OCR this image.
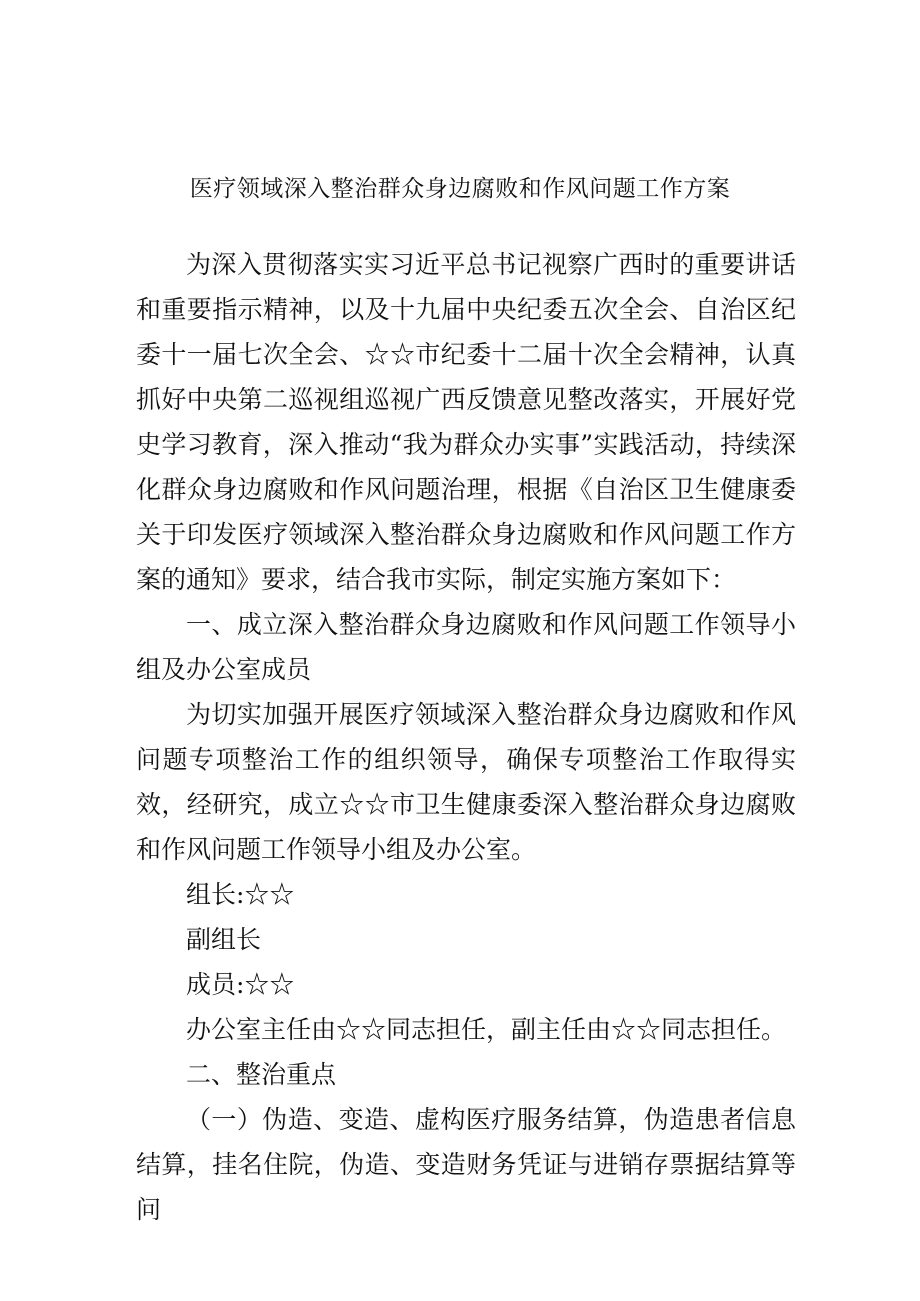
医疗领域深入整治群众身边腐败和作风问题工作方案

为深入贯彻落实实习近平总书记视察广西时的重要讲话和重要指示精神，以及十九届中央纪委五次全会、自治区纪委十一届七次全会、☆☆市纪委十二届十次全会精神，认真抓好中央第二巡视组巡视广西反馈意见整改落实，开展好党史学习教育，深入推动“我为群众办实事”实践活动，持续深化群众身边腐败和作风问题治理，根据《自治区卫生健康委关于印发医疗领域深入整治群众身边腐败和作风问题工作方案的通知》要求，结合我市实际，制定实施方案如下：

一、成立深入整治群众身边腐败和作风问题工作领导小组及办公室成员

为切实加强开展医疗领域深入整治群众身边腐败和作风问题专项整治工作的组织领导，确保专项整治工作取得实效，经研究，成立☆☆市卫生健康委深入整治群众身边腐败和作风问题工作领导小组及办公室。

组长:☆☆

副组长

成员:☆☆

办公室主任由☆☆同志担任，副主任由☆☆同志担任。

二、整治重点

（一）伪造、变造、虚构医疗服务结算，伪造患者信息结算，挂名住院，伪造、变造财务凭证与进销存票据结算等问
